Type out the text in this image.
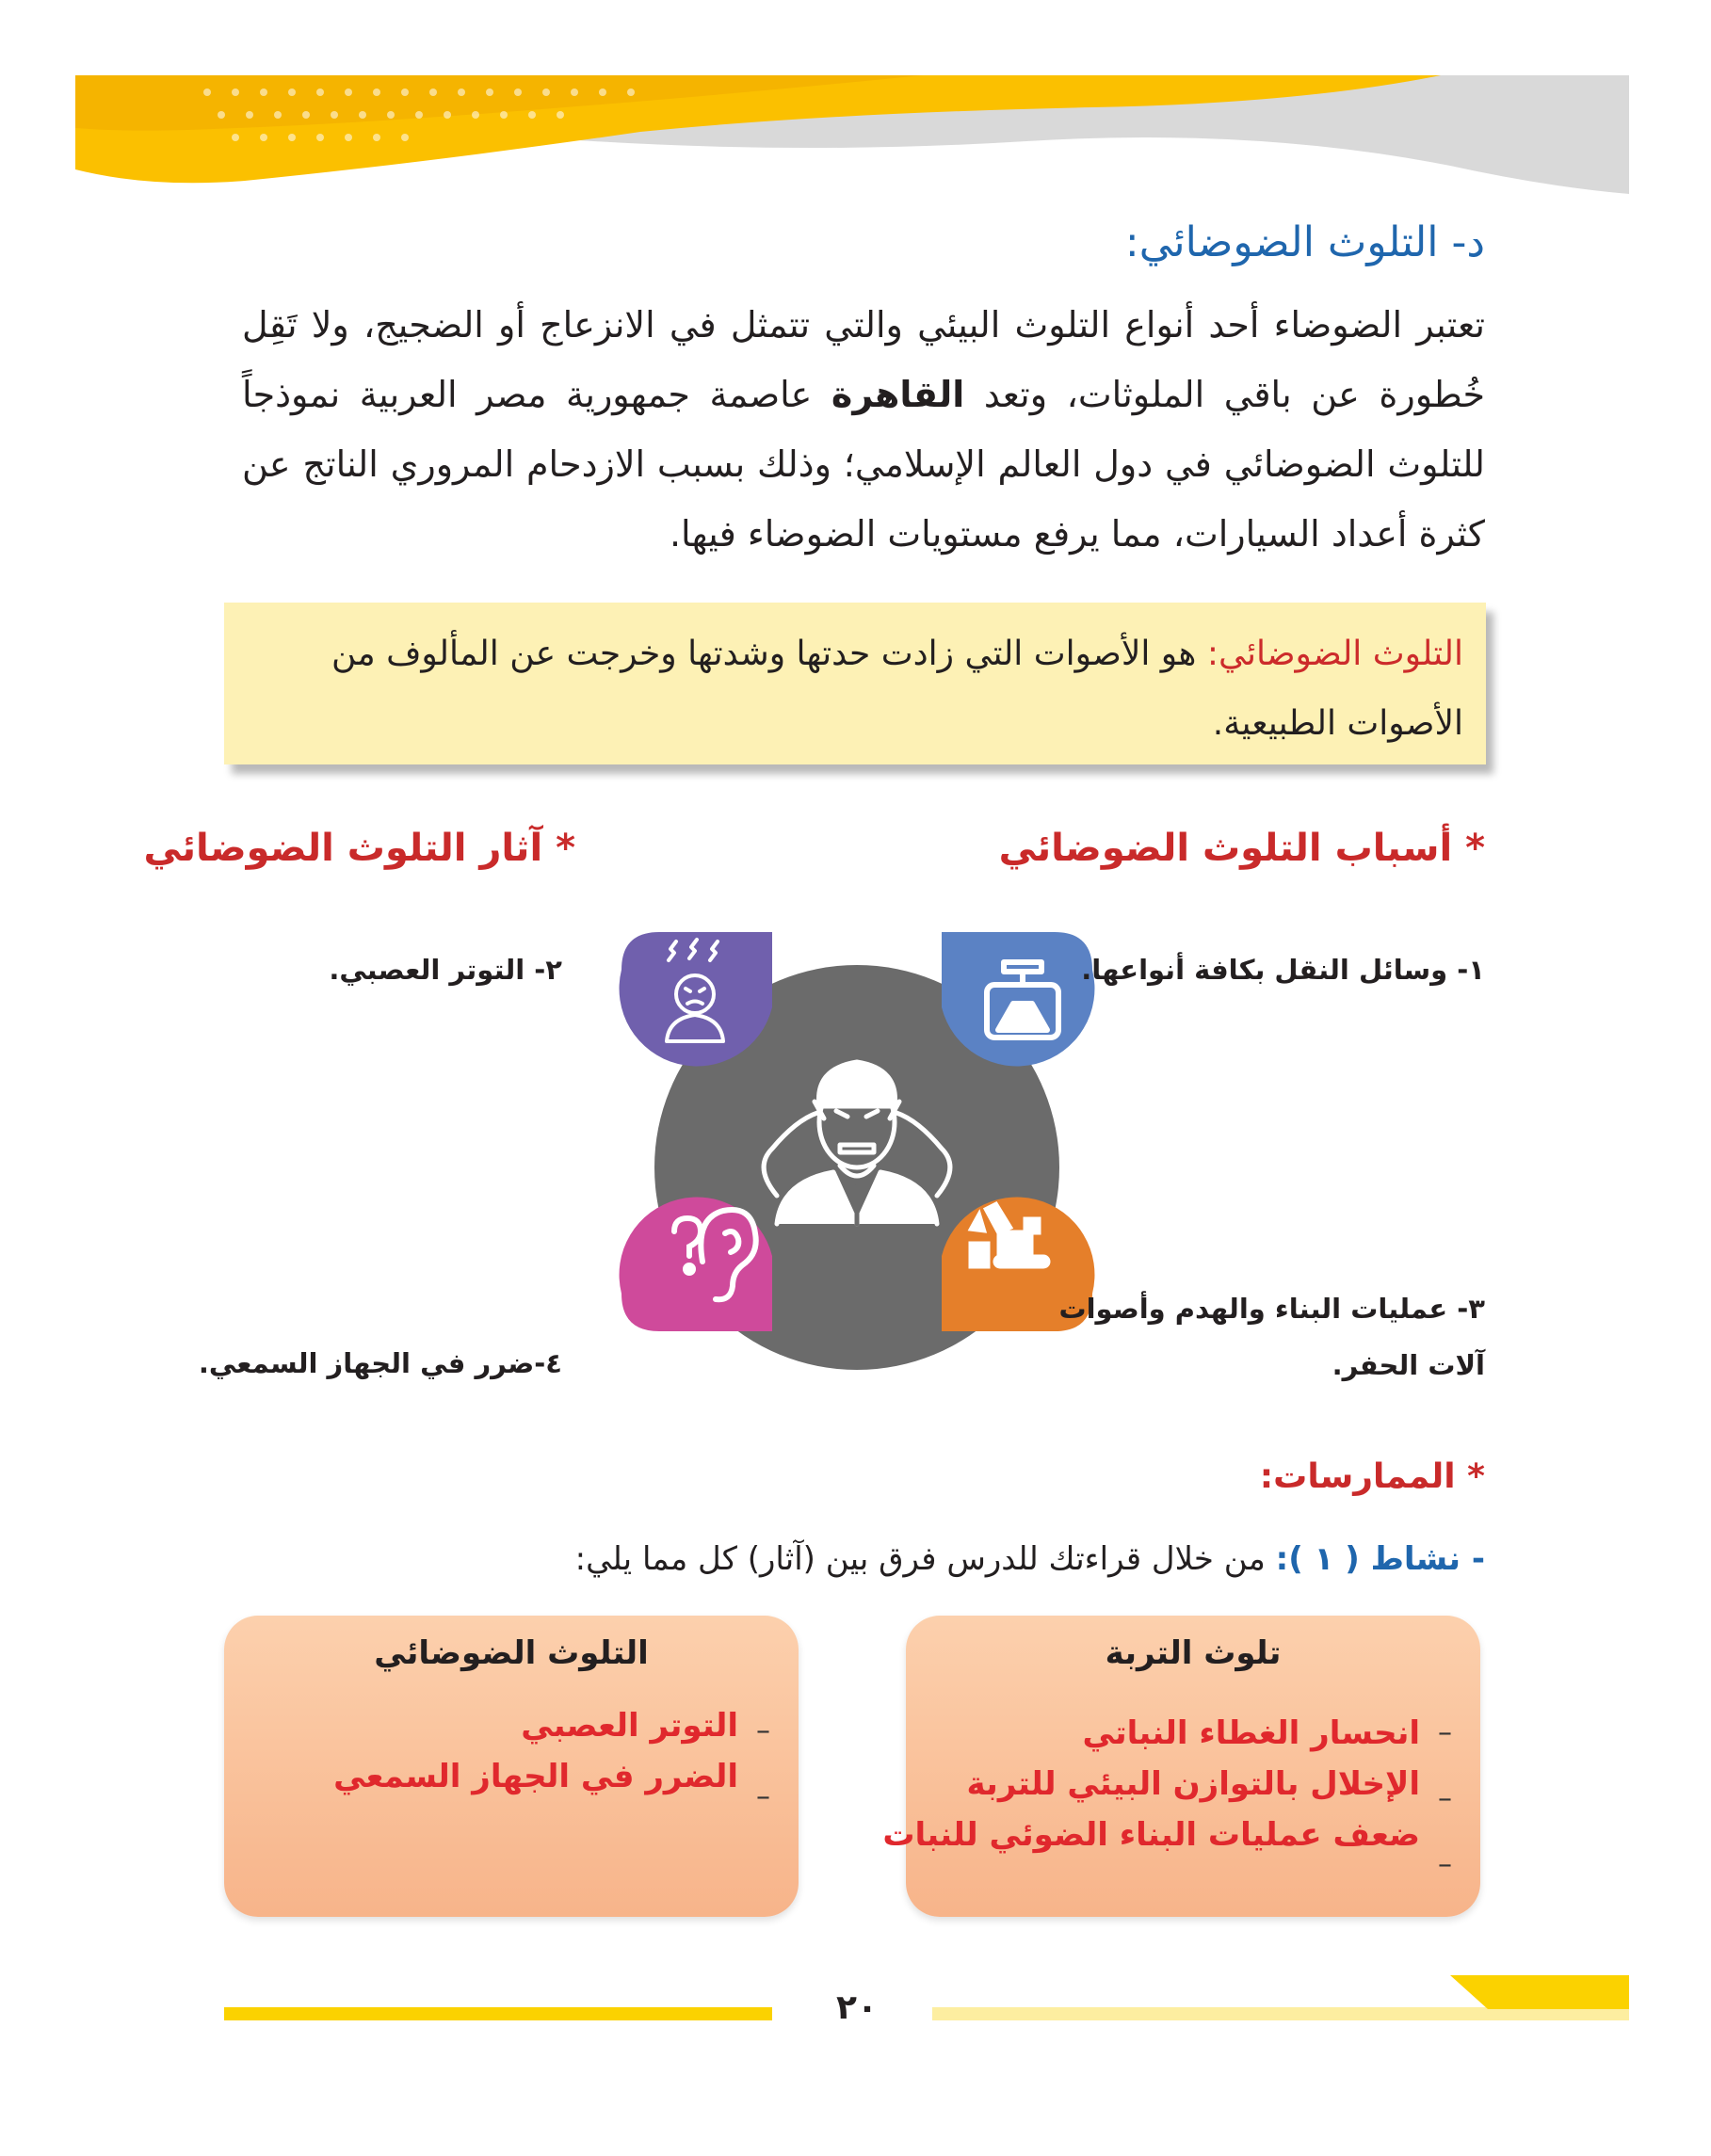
د- التلوث الضوضائي:

تعتبر الضوضاء أحد أنواع التلوث البيئي والتي تتمثل في الانزعاج أو الضجيج، ولا تَقِل خُطورة عن باقي الملوثات، وتعد القاهرة عاصمة جمهورية مصر العربية نموذجاً للتلوث الضوضائي في دول العالم الإسلامي؛ وذلك بسبب الازدحام المروري الناتج عن كثرة أعداد السيارات، مما يرفع مستويات الضوضاء فيها.

التلوث الضوضائي: هو الأصوات التي زادت حدتها وشدتها وخرجت عن المألوف من الأصوات الطبيعية.
* أسباب التلوث الضوضائي
* آثار التلوث الضوضائي
١- وسائل النقل بكافة أنواعها.
٣- عمليات البناء والهدم وأصوات
آلات الحفر.
٢- التوتر العصبي.
٤-ضرر في الجهاز السمعي.
* الممارسات:
- نشاط ( ١ ): من خلال قراءتك للدرس فرق بين (آثار) كل مما يلي:
تلوث التربة
–
–
–
انحسار الغطاء النباتي
الإخلال بالتوازن البيئي للتربة
ضعف عمليات البناء الضوئي للنبات
التلوث الضوضائي
–
–
التوتر العصبي
الضرر في الجهاز السمعي
٢٠
